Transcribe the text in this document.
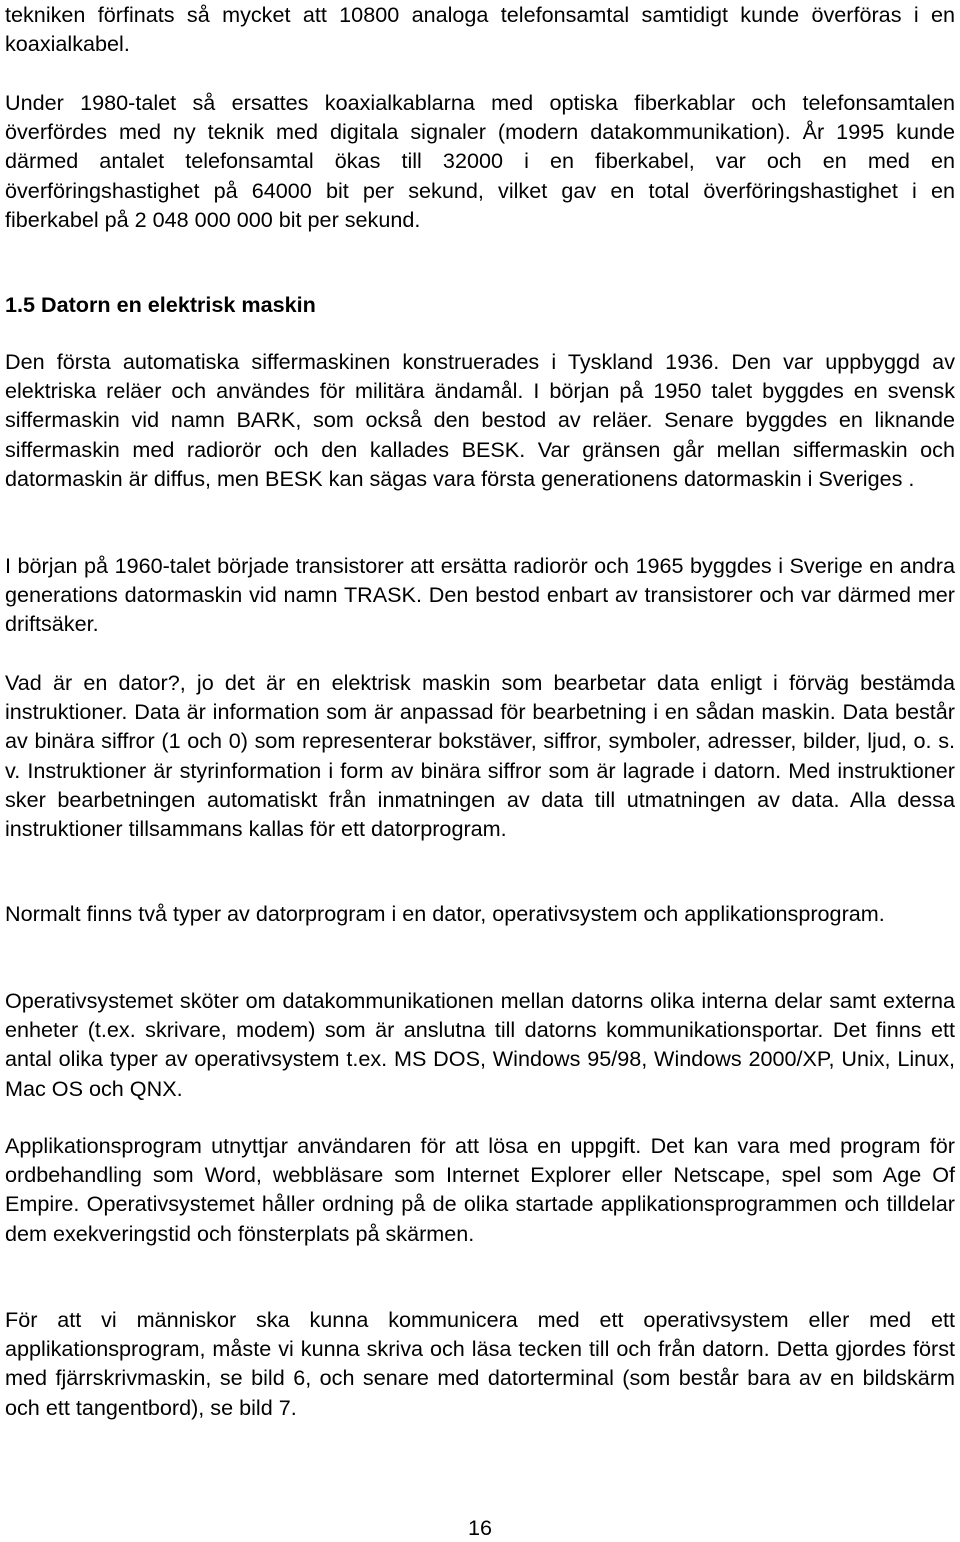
tekniken förfinats så mycket att 10800 analoga telefonsamtal samtidigt kunde överföras i en koaxialkabel.

Under 1980-talet så ersattes koaxialkablarna med optiska fiberkablar och telefonsamtalen överfördes med ny teknik med digitala signaler (modern datakommunikation). År 1995 kunde därmed antalet telefonsamtal ökas till 32000 i en fiberkabel, var och en med en överföringshastighet på 64000 bit per sekund, vilket gav en total överföringshastighet i en fiberkabel på 2 048 000 000 bit per sekund.

1.5 Datorn en elektrisk maskin

Den första automatiska siffermaskinen konstruerades i Tyskland 1936. Den var uppbyggd av elektriska reläer och användes för militära ändamål. I början på 1950 talet byggdes en svensk siffermaskin vid namn BARK, som också den bestod av reläer. Senare byggdes en liknande siffermaskin med radiorör och den kallades BESK. Var gränsen går mellan siffermaskin och datormaskin är diffus, men BESK kan sägas vara första generationens datormaskin i Sveriges .

I början på 1960-talet började transistorer att ersätta radiorör och 1965 byggdes i Sverige en andra generations datormaskin vid namn TRASK. Den bestod enbart av transistorer och var därmed mer driftsäker.

Vad är en dator?, jo det är en elektrisk maskin som bearbetar data enligt i förväg bestämda instruktioner. Data är information som är anpassad för bearbetning i en sådan maskin. Data består av binära siffror (1 och 0) som representerar bokstäver, siffror, symboler, adresser, bilder, ljud, o. s. v. Instruktioner är styrinformation i form av binära siffror som är lagrade i datorn. Med instruktioner sker bearbetningen automatiskt från inmatningen av data till utmatningen av data. Alla dessa instruktioner tillsammans kallas för ett datorprogram.

Normalt finns två typer av datorprogram i en dator, operativsystem och applikationsprogram.

Operativsystemet sköter om datakommunikationen mellan datorns olika interna delar samt externa enheter (t.ex. skrivare, modem) som är anslutna till datorns kommunikationsportar. Det finns ett antal olika typer av operativsystem t.ex. MS DOS, Windows 95/98, Windows 2000/XP, Unix, Linux, Mac OS och QNX.

Applikationsprogram utnyttjar användaren för att lösa en uppgift. Det kan vara med program för ordbehandling som Word, webbläsare som Internet Explorer eller Netscape, spel som Age Of Empire. Operativsystemet håller ordning på de olika startade applikationsprogrammen och tilldelar dem exekveringstid och fönsterplats på skärmen.

För att vi människor ska kunna kommunicera med ett operativsystem eller med ett applikationsprogram, måste vi kunna skriva och läsa tecken till och från datorn. Detta gjordes först med fjärrskrivmaskin, se bild 6, och senare med datorterminal (som består bara av en bildskärm och ett tangentbord), se bild 7.

16
